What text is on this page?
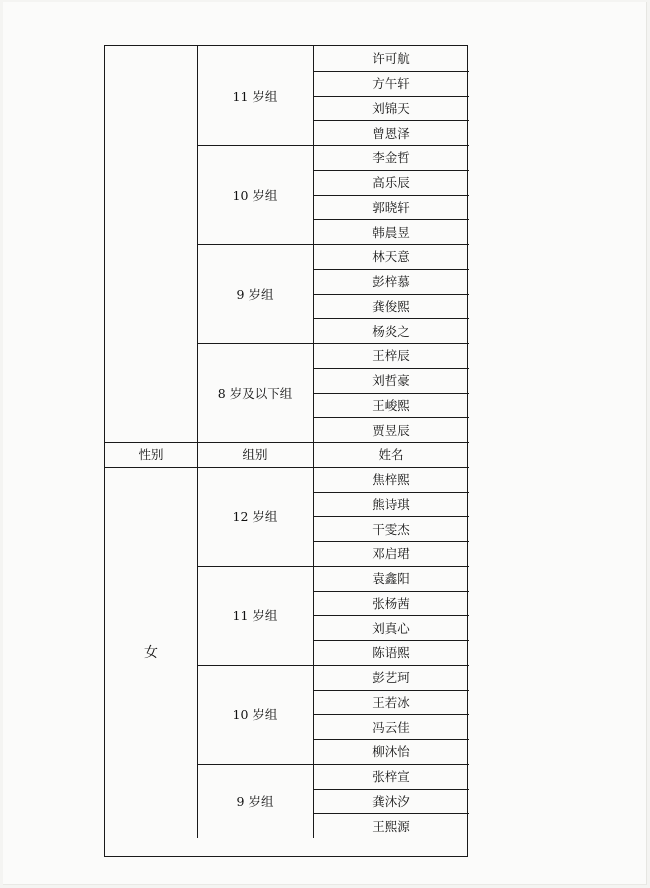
许可航
方午轩
刘锦天
曾恩泽
11 岁组
李金哲
高乐辰
郭晓轩
韩晨昱
10 岁组
林天意
彭梓慕
龚俊熙
杨炎之
9 岁组
王梓辰
刘哲豪
王峻熙
贾昱辰
8 岁及以下组
性别	组别	姓名
焦梓熙
熊诗琪
干雯杰
邓启珺
12 岁组
袁鑫阳
张杨茜
刘真心
陈语熙
11 岁组
彭艺珂
王若冰
冯云佳
柳沐怡
10 岁组
张梓宣
龚沐汐
王熙源
9 岁组
女
